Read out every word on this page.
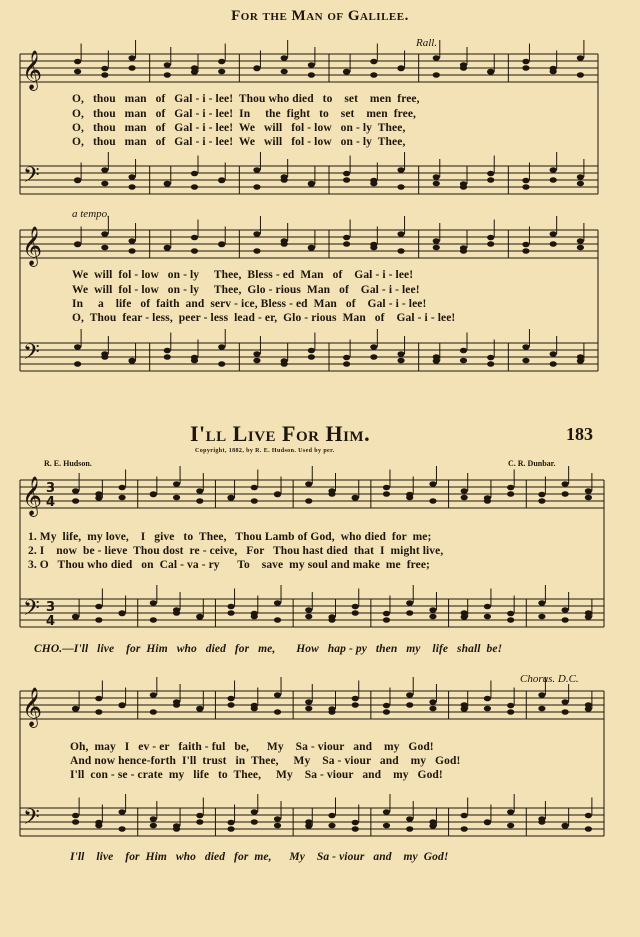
For the Man of Galilee.
Rall.
a tempo.
I'll Live For Him.	183
Copyright, 1882, by R. E. Hudson. Used by per.
R. E. Hudson.	C. R. Dunbar.
Chorus. D.C.
𝄞
𝄢
𝄞
𝄢
𝄞
𝄢
3
4
3
4
𝄞
𝄢
O,   thou   man   of   Gal - i - lee!  Thou who died   to    set    men  free,
O,   thou   man   of   Gal - i - lee!  In     the  fight   to    set    men  free,
O,   thou   man   of   Gal - i - lee!  We   will   fol - low   on - ly  Thee,
O,   thou   man   of   Gal - i - lee!  We   will   fol - low   on - ly  Thee,
We  will  fol - low   on - ly     Thee,  Bless - ed  Man   of    Gal - i - lee!
We  will  fol - low   on - ly     Thee,  Glo - rious  Man   of    Gal - i - lee!
In     a    life   of  faith  and  serv - ice, Bless - ed  Man   of    Gal - i - lee!
O,  Thou  fear - less,  peer - less  lead - er,  Glo - rious  Man   of    Gal - i - lee!
1. My  life,  my love,    I   give   to  Thee,   Thou Lamb of God,  who died  for  me;
2. I    now  be - lieve  Thou dost  re - ceive,   For   Thou hast died  that  I  might live,
3. O   Thou who died   on  Cal - va - ry      To    save  my soul and make  me  free;
CHO.—I'll   live    for  Him   who   died   for   me,       How   hap - py   then   my    life   shall  be!
Oh,  may   I   ev - er   faith - ful   be,      My    Sa - viour   and    my   God!
And now hence-forth  I'll  trust   in  Thee,     My    Sa - viour   and    my   God!
I'll  con - se - crate  my   life   to  Thee,     My    Sa - viour   and    my   God!
I'll    live    for  Him   who   died   for  me,      My    Sa - viour   and    my  God!
